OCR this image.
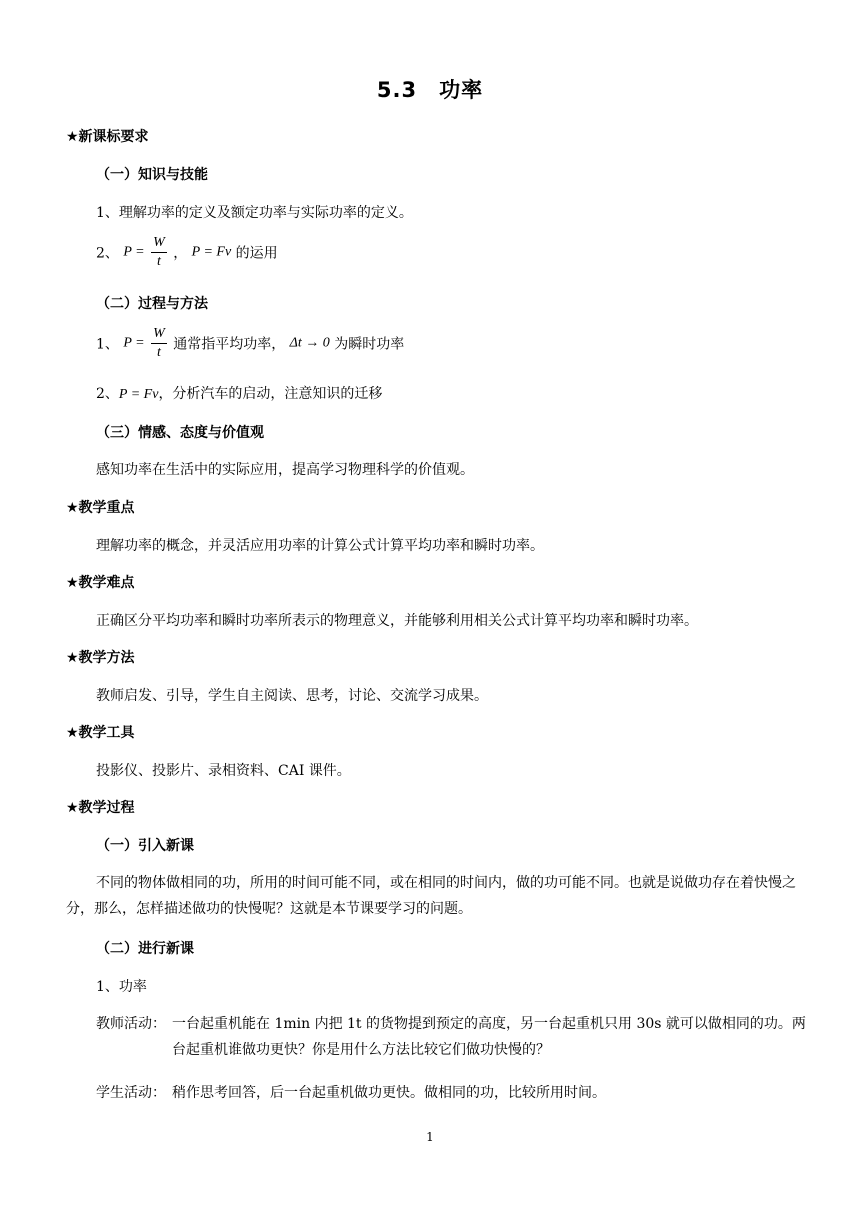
5.3　功率
★新课标要求
（一）知识与技能
1、理解功率的定义及额定功率与实际功率的定义。
2、 $P = \frac{W}{t}$ ， P = Fv 的运用
（二）过程与方法
1、 $P = \frac{W}{t}$ 通常指平均功率， Δt → 0 为瞬时功率
2、P = Fv，分析汽车的启动，注意知识的迁移
（三）情感、态度与价值观
感知功率在生活中的实际应用，提高学习物理科学的价值观。
★教学重点
理解功率的概念，并灵活应用功率的计算公式计算平均功率和瞬时功率。
★教学难点
正确区分平均功率和瞬时功率所表示的物理意义，并能够利用相关公式计算平均功率和瞬时功率。
★教学方法
教师启发、引导，学生自主阅读、思考，讨论、交流学习成果。
★教学工具
投影仪、投影片、录相资料、CAI 课件。
★教学过程
（一）引入新课
不同的物体做相同的功，所用的时间可能不同，或在相同的时间内，做的功可能不同。也就是说做功存在着快慢之分，那么，怎样描述做功的快慢呢？这就是本节课要学习的问题。
（二）进行新课
1、功率
教师活动： 一台起重机能在 1min 内把 1t 的货物提到预定的高度，另一台起重机只用 30s 就可以做相同的功。两台起重机谁做功更快？你是用什么方法比较它们做功快慢的？
学生活动： 稍作思考回答，后一台起重机做功更快。做相同的功，比较所用时间。
1
